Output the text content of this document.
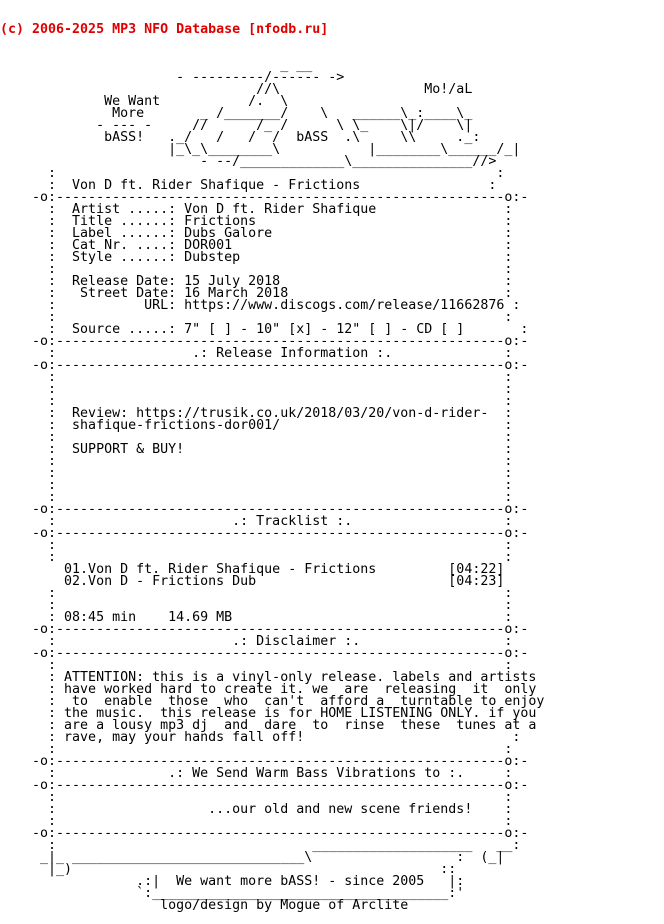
(c) 2006-2025 MP3 NFO Database [nfodb.ru]

_ __
- ---------/------ ->
//\                  Mo!/aL
We Want           /.  \
More       _ /_______/    \   ______\_:____\_
- --- -     //      /_ /      \ \_    \|/    \|
bASS!   ._/   /   /  /  bASS  .\     \\     ._:
|_\_\________\           |________\______/_|
- --/_____________\_______________//>
:                                                       :
:  Von D ft. Rider Shafique - Frictions                :
-o:--------------------------------------------------------o:-
:  Artist .....: Von D ft. Rider Shafique                :
:  Title ......: Frictions                               :
:  Label ......: Dubs Galore                             :
:  Cat Nr. ....: DOR001                                  :
:  Style ......: Dubstep                                 :
:                                                        :
:  Release Date: 15 July 2018                            :
:   Street Date: 16 March 2018                           :
:           URL: https://www.discogs.com/release/11662876 :
:                                                        :
:  Source .....: 7" [ ] - 10" [x] - 12" [ ] - CD [ ]       :
-o:--------------------------------------------------------o:-
:                 .: Release Information :.              :
-o:--------------------------------------------------------o:-
:                                                        :
:                                                        :
:                                                        :
:  Review: https://trusik.co.uk/2018/03/20/von-d-rider-  :
:  shafique-frictions-dor001/                            :
:                                                        :
:  SUPPORT & BUY!                                        :
:                                                        :
:                                                        :
:                                                        :
:                                                        :
-o:--------------------------------------------------------o:-
:                      .: Tracklist :.                   :
-o:--------------------------------------------------------o:-
:                                                        :
:                                                        :
01.Von D ft. Rider Shafique - Frictions         [04:22]
02.Von D - Frictions Dub                        [04:23]
:                                                        :
:                                                        :
: 08:45 min    14.69 MB                                  :
-o:--------------------------------------------------------o:-
:                      .: Disclaimer :.                  :
-o:--------------------------------------------------------o:-
:                                                        :
: ATTENTION: this is a vinyl-only release. labels and artists
: have worked hard to create it. we  are  releasing  it  only
:  to  enable  those  who  can't  afford a  turntable to enjoy
: the music.  this release is for HOME LISTENING ONLY. if you
: are a lousy mp3 dj  and  dare  to  rinse  these  tunes at a
: rave, may your hands fall off!                          :
:                                                        :
-o:--------------------------------------------------------o:-
:              .: We Send Warm Bass Vibrations to :.     :
-o:--------------------------------------------------------o:-
:                                                        :
:                   ...our old and new scene friends!    :
:                                                        :
-o:--------------------------------------------------------o:-
:                                ____________________   __:
_|_ _____________________________\                  :  (_|
|_)                                              ::
.:|  We want more bASS! - since 2005   |:
`:_____________________________________:'
logo/design by Mogue of Arclite
